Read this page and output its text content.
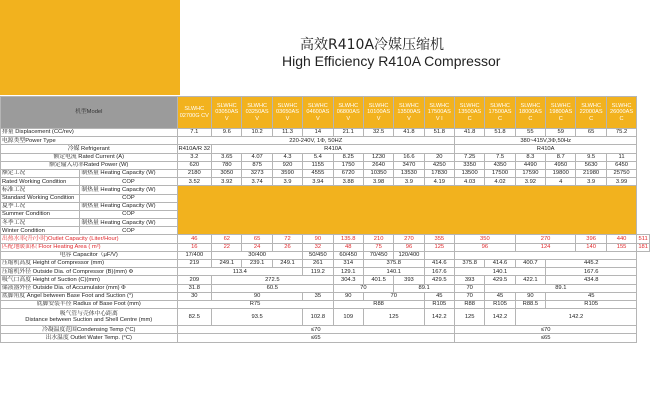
高效R410A冷媒压缩机
High Efficiency R410A Compressor
机型Model		SLWHC 02700G CV	SLWHC 03050AS V	SLWHC 03250AS V	SLWHC 03650AS V	SLWHC 04600AS V	SLWHC 06800AS V	SLWHC 10100AS V	SLWHC 13500AS V	SLWHC 17500AS V I	SLWHC 13500AS C	SLWHC 17500AS C	SLWHC 18000AS C	SLWHC 19800AS C	SLWHC 22000AS C	SLWHC 26000AS C	
排量 Displacement (CC/rev)		7.1	9.6	10.2	11.3	14	21.1	32.5	41.8	51.8	41.8	51.8	55	59	65	75.2	
电源类型Power Type		220-240V, 1Φ, 50HZ									380~415V,3Φ,50Hz						
冷媒 Refrigerant		R410A/R 32	R410A								R410A						
额定电流 Rated Current (A)		3.2	3.65	4.07	4.3	5.4	8.25	1Z30	16.6	20	7.25	7.5	8.3	8.7	9.5	11	
额定输入功率Rated Power (W)		620	780	875	920	1155	1750	2640	3470	4250	3350	4350	4490	4950	5630	6450	
额定工况	制热量 Heating Capacity (W)	2180	3050	3273	3590	4555	6720	10350	13530	17830	13500	17500	17590	19800	21980	25750	
Rated Working Condition	COP	3.52	3.92	3.74	3.9	3.94	3.88	3.98	3.9	4.19	4.03	4.02	3.92	4	3.9	3.99	
标准工况	制热量 Heating Capacity (W)																
Standard Working Condition	COP																
夏季工况	制热量 Heating Capacity (W)																
Summer Condition	COP																
冬季工况	制热量 Heating Capacity (W)																
Winter Condition	COP																
出热水率(升/小时)Outlet Capacity (Liter/Hour)		46	62	65	72	90	135.8	210	270	355	350		270		396	440	511
匹配地暖面积 Floor Heating Area ( m²)		16	22	24	26	32	48	75	96	125	96		124		140	155	181
电容 Capacitor（μF/V)		17/400	30/400			50/450	60/450	70/450	120/400								
压缩机高度 Height of Compressor (mm)		219	249.1	239.1	249.1	261	314	375.8		414.6	375.8	414.6	400.7	445.2			
压缩机外径 Outside Dia. of Compressor (B)(mm) Φ		113.4				119.2	129.1	140.1		167.6	140.1			167.6			
吸气口高度 Height of Suction (C)(mm)		209	272.5				304.3	401.5	393	429.5	393	429.5	422.1	434.8			
储液器外径 Outside Dia. of Accumulator (mm) Φ		31.8	60.5				70		89.1		70	89.1					
底脚角度 Angel between Base Foot and Suction (°)		30	90			35	90	70		45	70	45	90	45			
底脚安装半径 Radius of Base Foot (mm)		R75					R88			R105	R88	R105	R88.5	R105			
吸气管与壳体中心距离
Distance between Suction and Shell Centre (mm)		82.5	93.5			102.8	109	125		142.2	125	142.2	142.2				
冷凝温度范围Condensing Temp (°C)		≤70									≤70						
出水温度 Outlet Water Temp. (°C)		≤65									≤65						
